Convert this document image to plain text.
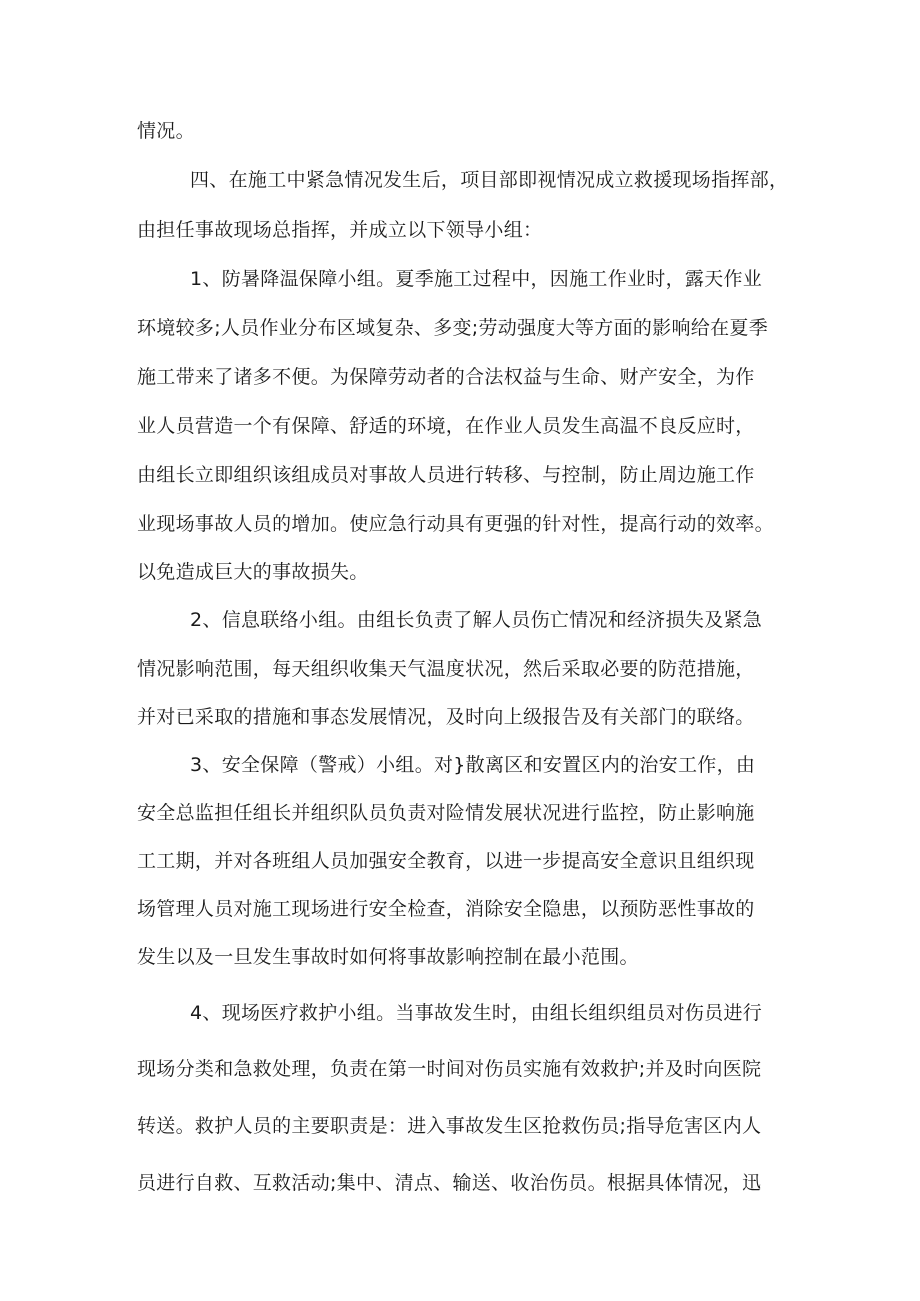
情况。
四、在施工中紧急情况发生后，项目部即视情况成立救援现场指挥部，
由担任事故现场总指挥，并成立以下领导小组：
1、防暑降温保障小组。夏季施工过程中，因施工作业时，露天作业
环境较多;人员作业分布区域复杂、多变;劳动强度大等方面的影响给在夏季
施工带来了诸多不便。为保障劳动者的合法权益与生命、财产安全，为作
业人员营造一个有保障、舒适的环境，在作业人员发生高温不良反应时，
由组长立即组织该组成员对事故人员进行转移、与控制，防止周边施工作
业现场事故人员的增加。使应急行动具有更强的针对性，提高行动的效率。
以免造成巨大的事故损失。
2、信息联络小组。由组长负责了解人员伤亡情况和经济损失及紧急
情况影响范围，每天组织收集天气温度状况，然后采取必要的防范措施，
并对已采取的措施和事态发展情况，及时向上级报告及有关部门的联络。
3、安全保障（警戒）小组。对}散离区和安置区内的治安工作，由
安全总监担任组长并组织队员负责对险情发展状况进行监控，防止影响施
工工期，并对各班组人员加强安全教育，以进一步提高安全意识且组织现
场管理人员对施工现场进行安全检查，消除安全隐患，以预防恶性事故的
发生以及一旦发生事故时如何将事故影响控制在最小范围。
4、现场医疗救护小组。当事故发生时，由组长组织组员对伤员进行
现场分类和急救处理，负责在第一时间对伤员实施有效救护;并及时向医院
转送。救护人员的主要职责是：进入事故发生区抢救伤员;指导危害区内人
员进行自救、互救活动;集中、清点、输送、收治伤员。根据具体情况，迅
